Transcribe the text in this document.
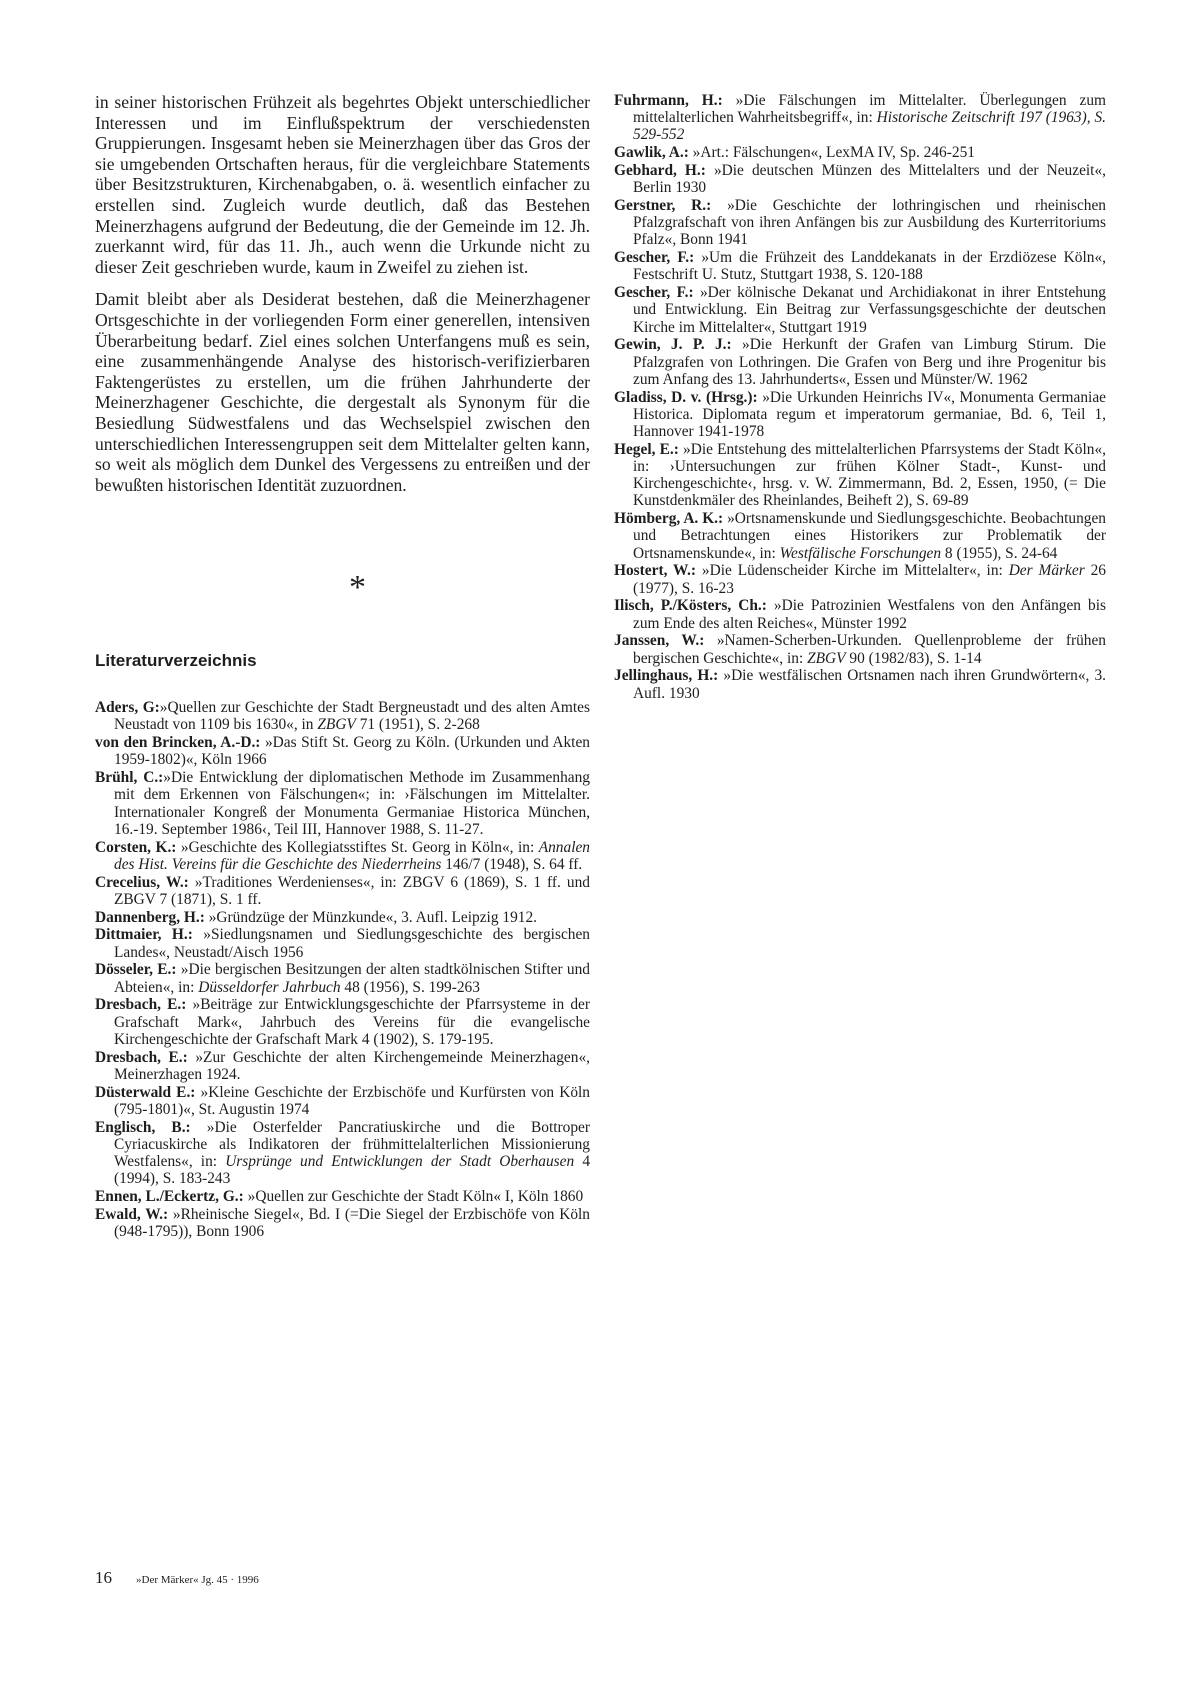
in seiner historischen Frühzeit als begehrtes Objekt unterschiedlicher Interessen und im Einflußspektrum der verschiedensten Gruppierungen. Insgesamt heben sie Meinerzhagen über das Gros der sie umgebenden Ortschaften heraus, für die vergleichbare Statements über Besitzstrukturen, Kirchenabgaben, o. ä. wesentlich einfacher zu erstellen sind. Zugleich wurde deutlich, daß das Bestehen Meinerzhagens aufgrund der Bedeutung, die der Gemeinde im 12. Jh. zuerkannt wird, für das 11. Jh., auch wenn die Urkunde nicht zu dieser Zeit geschrieben wurde, kaum in Zweifel zu ziehen ist.

Damit bleibt aber als Desiderat bestehen, daß die Meinerzhagener Ortsgeschichte in der vorliegenden Form einer generellen, intensiven Überarbeitung bedarf. Ziel eines solchen Unterfangens muß es sein, eine zusammenhängende Analyse des historisch-verifizierbaren Faktengerüstes zu erstellen, um die frühen Jahrhunderte der Meinerzhagener Geschichte, die dergestalt als Synonym für die Besiedlung Südwestfalens und das Wechselspiel zwischen den unterschiedlichen Interessengruppen seit dem Mittelalter gelten kann, so weit als möglich dem Dunkel des Vergessens zu entreißen und der bewußten historischen Identität zuzuordnen.

*
Literaturverzeichnis
Aders, G:»Quellen zur Geschichte der Stadt Bergneustadt und des alten Amtes Neustadt von 1109 bis 1630«, in ZBGV 71 (1951), S. 2-268
von den Brincken, A.-D.: »Das Stift St. Georg zu Köln. (Urkunden und Akten 1959-1802)«, Köln 1966
Brühl, C.:»Die Entwicklung der diplomatischen Methode im Zusammenhang mit dem Erkennen von Fälschungen«; in: ›Fälschungen im Mittelalter. Internationaler Kongreß der Monumenta Germaniae Historica München, 16.-19. September 1986‹, Teil III, Hannover 1988, S. 11-27.
Corsten, K.: »Geschichte des Kollegiatsstiftes St. Georg in Köln«, in: Annalen des Hist. Vereins für die Geschichte des Niederrheins 146/7 (1948), S. 64 ff.
Crecelius, W.: »Traditiones Werdenienses«, in: ZBGV 6 (1869), S. 1 ff. und ZBGV 7 (1871), S. 1 ff.
Dannenberg, H.: »Gründzüge der Münzkunde«, 3. Aufl. Leipzig 1912.
Dittmaier, H.: »Siedlungsnamen und Siedlungsgeschichte des bergischen Landes«, Neustadt/Aisch 1956
Dösseler, E.: »Die bergischen Besitzungen der alten stadtkölnischen Stifter und Abteien«, in: Düsseldorfer Jahrbuch 48 (1956), S. 199-263
Dresbach, E.: »Beiträge zur Entwicklungsgeschichte der Pfarrsysteme in der Grafschaft Mark«, Jahrbuch des Vereins für die evangelische Kirchengeschichte der Grafschaft Mark 4 (1902), S. 179-195.
Dresbach, E.: »Zur Geschichte der alten Kirchengemeinde Meinerzhagen«, Meinerzhagen 1924.
Düsterwald E.: »Kleine Geschichte der Erzbischöfe und Kurfürsten von Köln (795-1801)«, St. Augustin 1974
Englisch, B.: »Die Osterfelder Pancratiuskirche und die Bottroper Cyriacuskirche als Indikatoren der frühmittelalterlichen Missionierung Westfalens«, in: Ursprünge und Entwicklungen der Stadt Oberhausen 4 (1994), S. 183-243
Ennen, L./Eckertz, G.: »Quellen zur Geschichte der Stadt Köln« I, Köln 1860
Ewald, W.: »Rheinische Siegel«, Bd. I (=Die Siegel der Erzbischöfe von Köln (948-1795)), Bonn 1906
Fuhrmann, H.: »Die Fälschungen im Mittelalter. Überlegungen zum mittelalterlichen Wahrheitsbegriff«, in: Historische Zeitschrift 197 (1963), S. 529-552
Gawlik, A.: »Art.: Fälschungen«, LexMA IV, Sp. 246-251
Gebhard, H.: »Die deutschen Münzen des Mittelalters und der Neuzeit«, Berlin 1930
Gerstner, R.: »Die Geschichte der lothringischen und rheinischen Pfalzgrafschaft von ihren Anfängen bis zur Ausbildung des Kurterritoriums Pfalz«, Bonn 1941
Gescher, F.: »Um die Frühzeit des Landdekanats in der Erzdiözese Köln«, Festschrift U. Stutz, Stuttgart 1938, S. 120-188
Gescher, F.: »Der kölnische Dekanat und Archidiakonat in ihrer Entstehung und Entwicklung. Ein Beitrag zur Verfassungsgeschichte der deutschen Kirche im Mittelalter«, Stuttgart 1919
Gewin, J. P. J.: »Die Herkunft der Grafen van Limburg Stirum. Die Pfalzgrafen von Lothringen. Die Grafen von Berg und ihre Progenitur bis zum Anfang des 13. Jahrhunderts«, Essen und Münster/W. 1962
Gladiss, D. v. (Hrsg.): »Die Urkunden Heinrichs IV«, Monumenta Germaniae Historica. Diplomata regum et imperatorum germaniae, Bd. 6, Teil 1, Hannover 1941-1978
Hegel, E.: »Die Entstehung des mittelalterlichen Pfarrsystems der Stadt Köln«, in: ›Untersuchungen zur frühen Kölner Stadt-, Kunst- und Kirchengeschichte‹, hrsg. v. W. Zimmermann, Bd. 2, Essen, 1950, (= Die Kunstdenkmäler des Rheinlandes, Beiheft 2), S. 69-89
Hömberg, A. K.: »Ortsnamenskunde und Siedlungsgeschichte. Beobachtungen und Betrachtungen eines Historikers zur Problematik der Ortsnamenskunde«, in: Westfälische Forschungen 8 (1955), S. 24-64
Hostert, W.: »Die Lüdenscheider Kirche im Mittelalter«, in: Der Märker 26 (1977), S. 16-23
Ilisch, P./Kösters, Ch.: »Die Patrozinien Westfalens von den Anfängen bis zum Ende des alten Reiches«, Münster 1992
Janssen, W.: »Namen-Scherben-Urkunden. Quellenprobleme der frühen bergischen Geschichte«, in: ZBGV 90 (1982/83), S. 1-14
Jellinghaus, H.: »Die westfälischen Ortsnamen nach ihren Grundwörtern«, 3. Aufl. 1930
16 »Der Märker« Jg. 45 · 1996
